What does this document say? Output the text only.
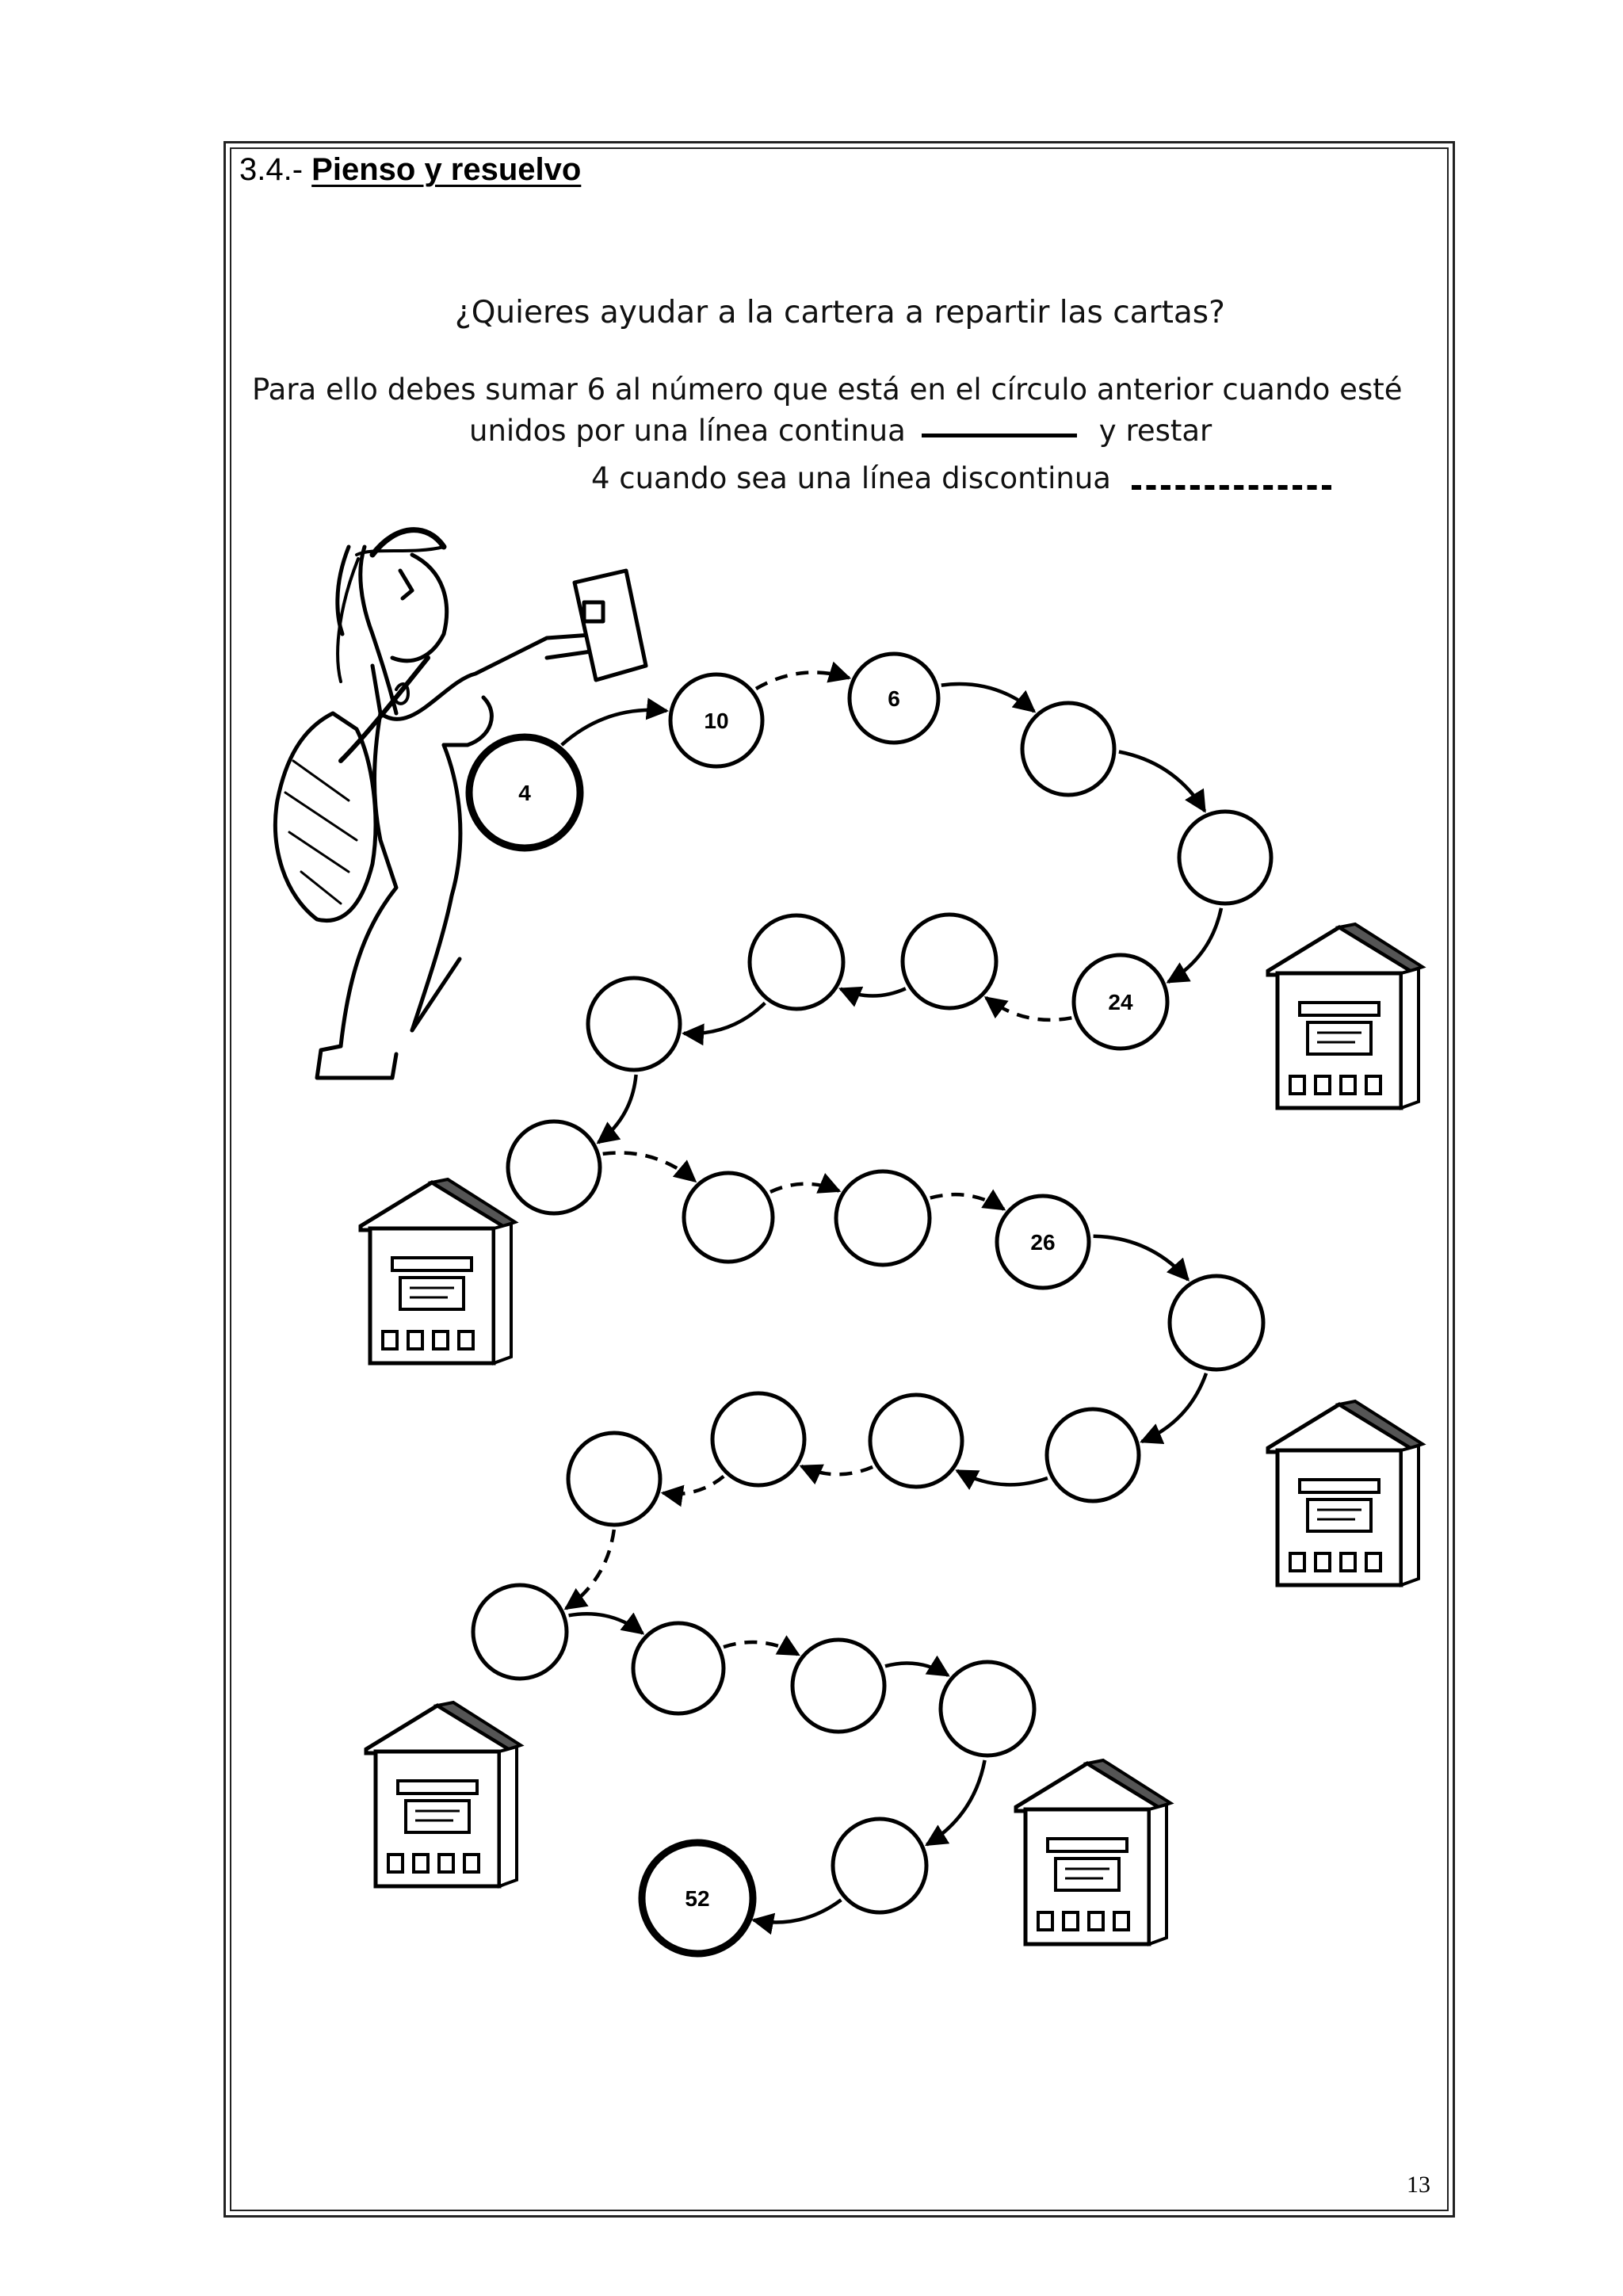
3.4.- Pienso y resuelvo
¿Quieres ayudar a la cartera a repartir las cartas?
Para ello debes sumar 6 al número que está en el círculo anterior cuando esté
unidos por una línea continua	y restar
4 cuando sea una línea discontinua
4
10
6
24
26
52
13
